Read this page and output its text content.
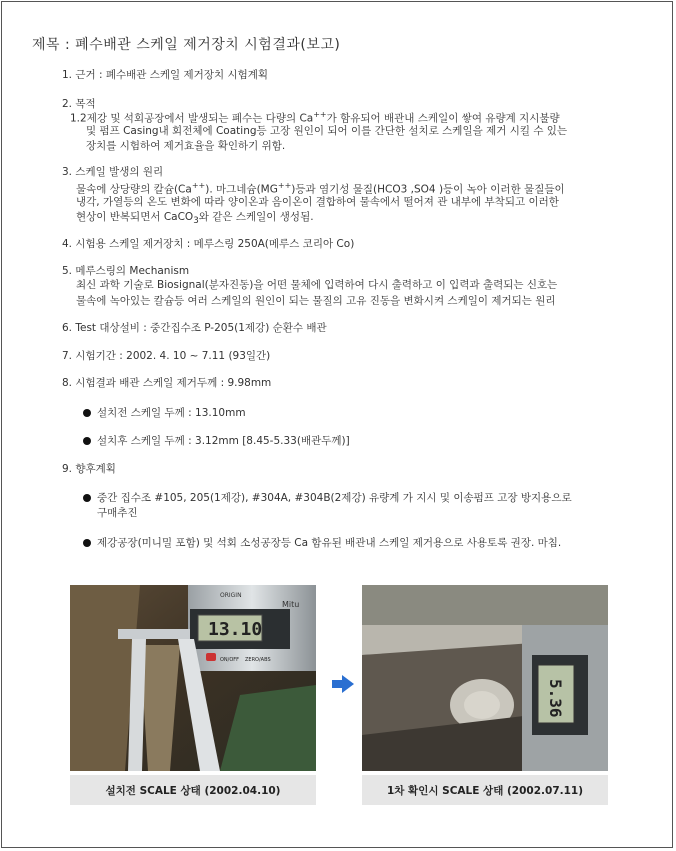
제목 : 폐수배관 스케일 제거장치 시험결과(보고)
1. 근거 : 폐수배관 스케일 제거장치 시험계획
2. 목적
1.2제강 및 석회공장에서 발생되는 폐수는 다량의 Ca++가 함유되어 배관내 스케일이 쌓여 유량계 지시불량
및 펌프 Casing내 회전체에 Coating등 고장 원인이 되어 이를 간단한 설치로 스케일을 제거 시킬 수 있는
장치를 시험하여 제거효율을 확인하기 위함.
3. 스케일 발생의 원리
물속에 상당량의 칼슘(Ca++). 마그네슘(MG++)등과 염기성 물질(HCO3 ,SO4 )등이 녹아 이러한 물질들이
냉각, 가열등의 온도 변화에 따라 양이온과 음이온이 결합하여 물속에서 떨어져 관 내부에 부착되고 이러한
현상이 반복되면서 CaCO$_3$와 같은 스케일이 생성됨.
4. 시험용 스케일 제거장치 : 메루스링 250A(메루스 코리아 Co)
5. 메루스링의 Mechanism
최신 과학 기술로 Biosignal(분자진동)을 어떤 물체에 입력하여 다시 출력하고 이 입력과 출력되는 신호는
물속에 녹아있는 칼슘등 여러 스케일의 원인이 되는 물질의 고유 진동을 변화시켜 스케일이 제거되는 원리
6. Test 대상설비 : 중간집수조 P-205(1제강) 순환수 배관
7. 시험기간 : 2002. 4. 10 ~ 7.11 (93일간)
8. 시험결과 배관 스케일 제거두께 : 9.98mm
설치전 스케일 두께 : 13.10mm
설치후 스케일 두께 : 3.12mm [8.45-5.33(배관두께)]
9. 향후계획
중간 집수조 #105, 205(1제강), #304A, #304B(2제강) 유량계 가 지시 및 이송펌프 고장 방지용으로
구매추진
제강공장(미니밀 포함) 및 석회 소성공장등 Ca 함유된 배관내 스케일 제거용으로 사용토록 권장. 마침.
13.10
ORIGIN
Mitu
ON/OFF ZERO/ABS
설치전 SCALE 상태 (2002.04.10)
5.36
1차 확인시 SCALE 상태 (2002.07.11)
